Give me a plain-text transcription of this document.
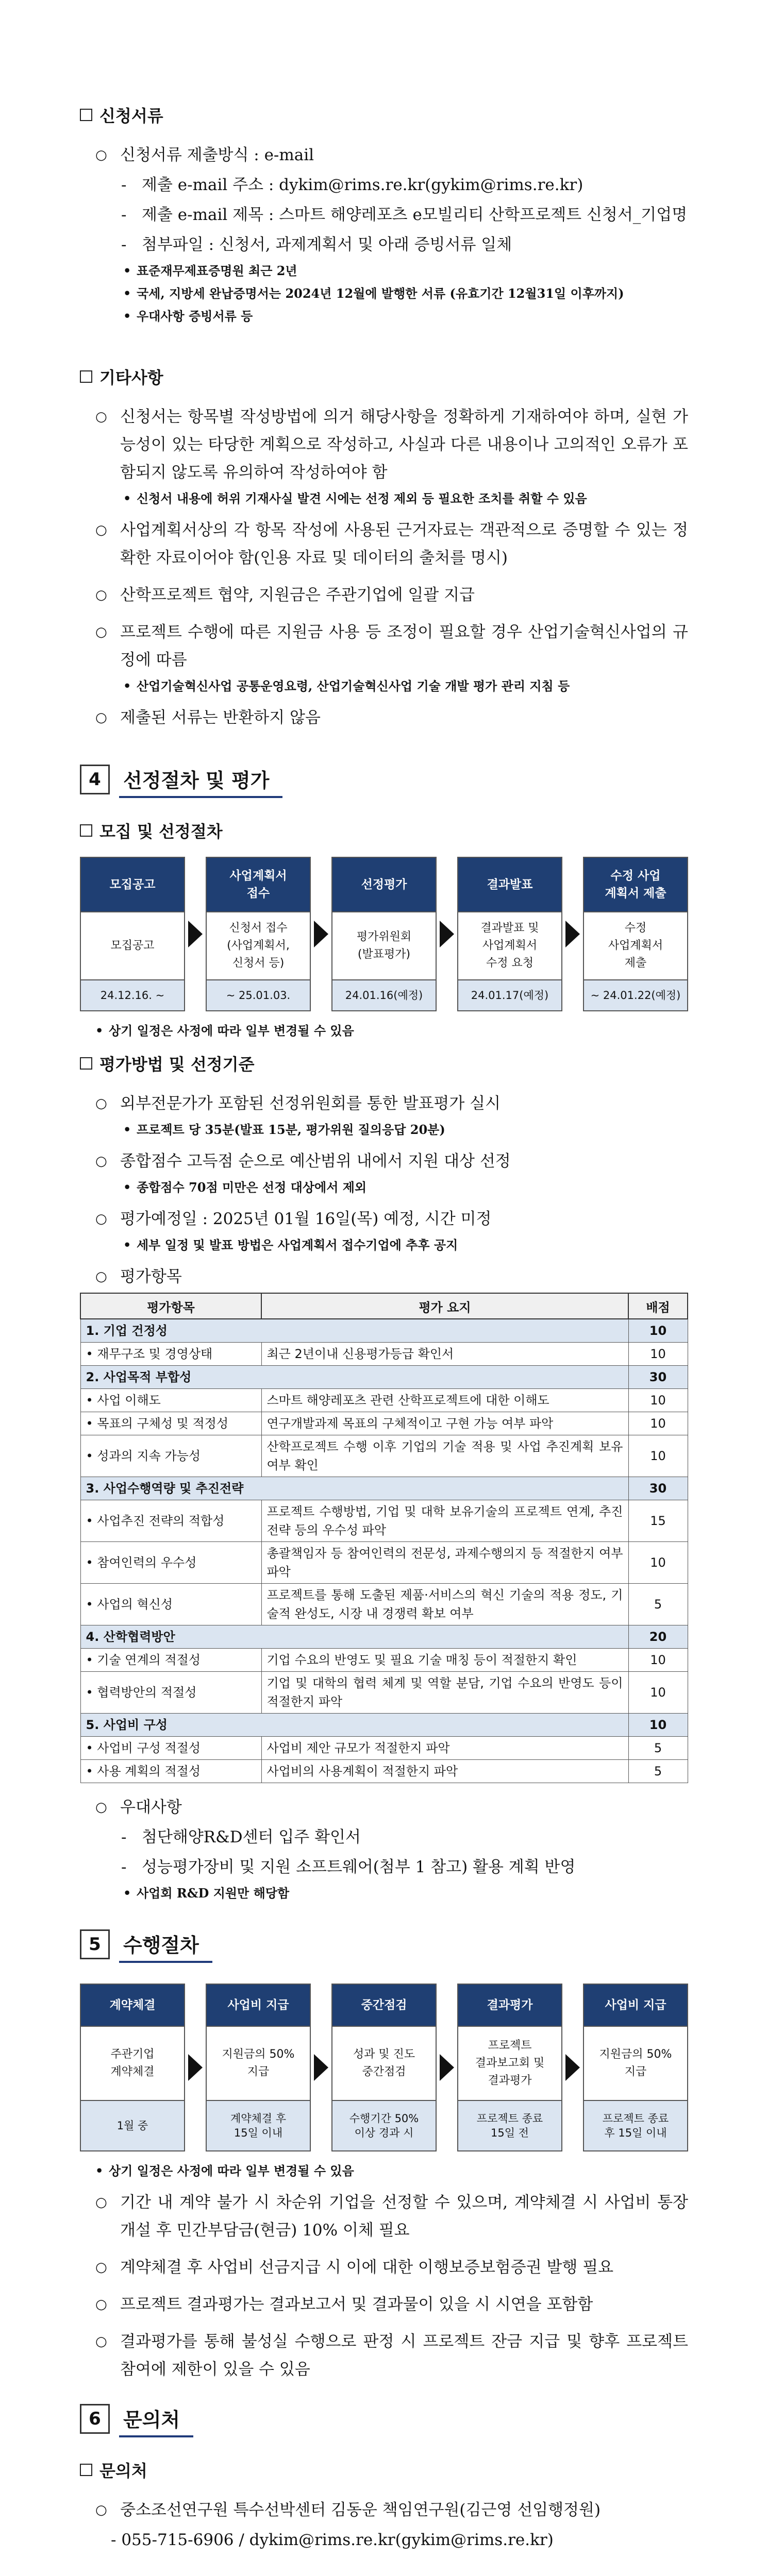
신청서류
○ 신청서류 제출방식 : e-mail
- 제출 e-mail 주소 : dykim@rims.re.kr(gykim@rims.re.kr)
- 제출 e-mail 제목 : 스마트 해양레포츠 e모빌리티 산학프로젝트 신청서_기업명
- 첨부파일 : 신청서, 과제계획서 및 아래 증빙서류 일체
• 표준재무제표증명원 최근 2년
• 국세, 지방세 완납증명서는 2024년 12월에 발행한 서류 (유효기간 12월31일 이후까지)
• 우대사항 증빙서류 등
기타사항
○ 신청서는 항목별 작성방법에 의거 해당사항을 정확하게 기재하여야 하며, 실현 가능성이 있는 타당한 계획으로 작성하고, 사실과 다른 내용이나 고의적인 오류가 포함되지 않도록 유의하여 작성하여야 함
• 신청서 내용에 허위 기재사실 발견 시에는 선정 제외 등 필요한 조치를 취할 수 있음
○ 사업계획서상의 각 항목 작성에 사용된 근거자료는 객관적으로 증명할 수 있는 정확한 자료이어야 함(인용 자료 및 데이터의 출처를 명시)
○ 산학프로젝트 협약, 지원금은 주관기업에 일괄 지급
○ 프로젝트 수행에 따른 지원금 사용 등 조정이 필요할 경우 산업기술혁신사업의 규정에 따름
• 산업기술혁신사업 공통운영요령, 산업기술혁신사업 기술 개발 평가 관리 지침 등
○ 제출된 서류는 반환하지 않음
4	선정절차 및 평가
모집 및 선정절차
모집공고
모집공고
24.12.16. ~
사업계획서
접수
신청서 접수
(사업계획서,
신청서 등)
~ 25.01.03.
선정평가
평가위원회
(발표평가)
24.01.16(예정)
결과발표
결과발표 및
사업계획서
수정 요청
24.01.17(예정)
수정 사업
계획서 제출
수정
사업계획서
제출
~ 24.01.22(예정)
• 상기 일정은 사정에 따라 일부 변경될 수 있음
평가방법 및 선정기준
○ 외부전문가가 포함된 선정위원회를 통한 발표평가 실시
• 프로젝트 당 35분(발표 15분, 평가위원 질의응답 20분)
○ 종합점수 고득점 순으로 예산범위 내에서 지원 대상 선정
• 종합점수 70점 미만은 선정 대상에서 제외
○ 평가예정일 : 2025년 01월 16일(목) 예정, 시간 미정
• 세부 일정 및 발표 방법은 사업계획서 접수기업에 추후 공지
○ 평가항목
평가항목	평가 요지	배점
1. 기업 건정성		10
• 재무구조 및 경영상태	최근 2년이내 신용평가등급 확인서	10
2. 사업목적 부합성		30
• 사업 이해도	스마트 해양레포츠 관련 산학프로젝트에 대한 이해도	10
• 목표의 구체성 및 적정성	연구개발과제 목표의 구체적이고 구현 가능 여부 파악	10
• 성과의 지속 가능성	산학프로젝트 수행 이후 기업의 기술 적용 및 사업 추진계획 보유 여부 확인	10
3. 사업수행역량 및 추진전략		30
• 사업추진 전략의 적합성	프로젝트 수행방법, 기업 및 대학 보유기술의 프로젝트 연계, 추진전략 등의 우수성 파악	15
• 참여인력의 우수성	총괄책임자 등 참여인력의 전문성, 과제수행의지 등 적절한지 여부 파악	10
• 사업의 혁신성	프로젝트를 통해 도출된 제품·서비스의 혁신 기술의 적용 정도, 기술적 완성도, 시장 내 경쟁력 확보 여부	5
4. 산학협력방안		20
• 기술 연계의 적절성	기업 수요의 반영도 및 필요 기술 매칭 등이 적절한지 확인	10
• 협력방안의 적절성	기업 및 대학의 협력 체계 및 역할 분담, 기업 수요의 반영도 등이 적절한지 파악	10
5. 사업비 구성		10
• 사업비 구성 적절성	사업비 제안 규모가 적절한지 파악	5
• 사용 계획의 적절성	사업비의 사용계획이 적절한지 파악	5
○ 우대사항
- 첨단해양R&D센터 입주 확인서
- 성능평가장비 및 지원 소프트웨어(첨부 1 참고) 활용 계획 반영
• 사업회 R&D 지원만 해당함
5	수행절차
계약체결
주관기업
계약체결
1월 중
사업비 지급
지원금의 50%
지급
계약체결 후
15일 이내
중간점검
성과 및 진도
중간점검
수행기간 50%
이상 경과 시
결과평가
프로젝트
결과보고회 및
결과평가
프로젝트 종료
15일 전
사업비 지급
지원금의 50%
지급
프로젝트 종료
후 15일 이내
• 상기 일정은 사정에 따라 일부 변경될 수 있음
○ 기간 내 계약 불가 시 차순위 기업을 선정할 수 있으며, 계약체결 시 사업비 통장 개설 후 민간부담금(현금) 10% 이체 필요
○ 계약체결 후 사업비 선금지급 시 이에 대한 이행보증보험증권 발행 필요
○ 프로젝트 결과평가는 결과보고서 및 결과물이 있을 시 시연을 포함함
○ 결과평가를 통해 불성실 수행으로 판정 시 프로젝트 잔금 지급 및 향후 프로젝트 참여에 제한이 있을 수 있음
6	문의처
문의처
○ 중소조선연구원 특수선박센터 김동운 책임연구원(김근영 선임행정원)
- 055-715-6906 / dykim@rims.re.kr(gykim@rims.re.kr)
